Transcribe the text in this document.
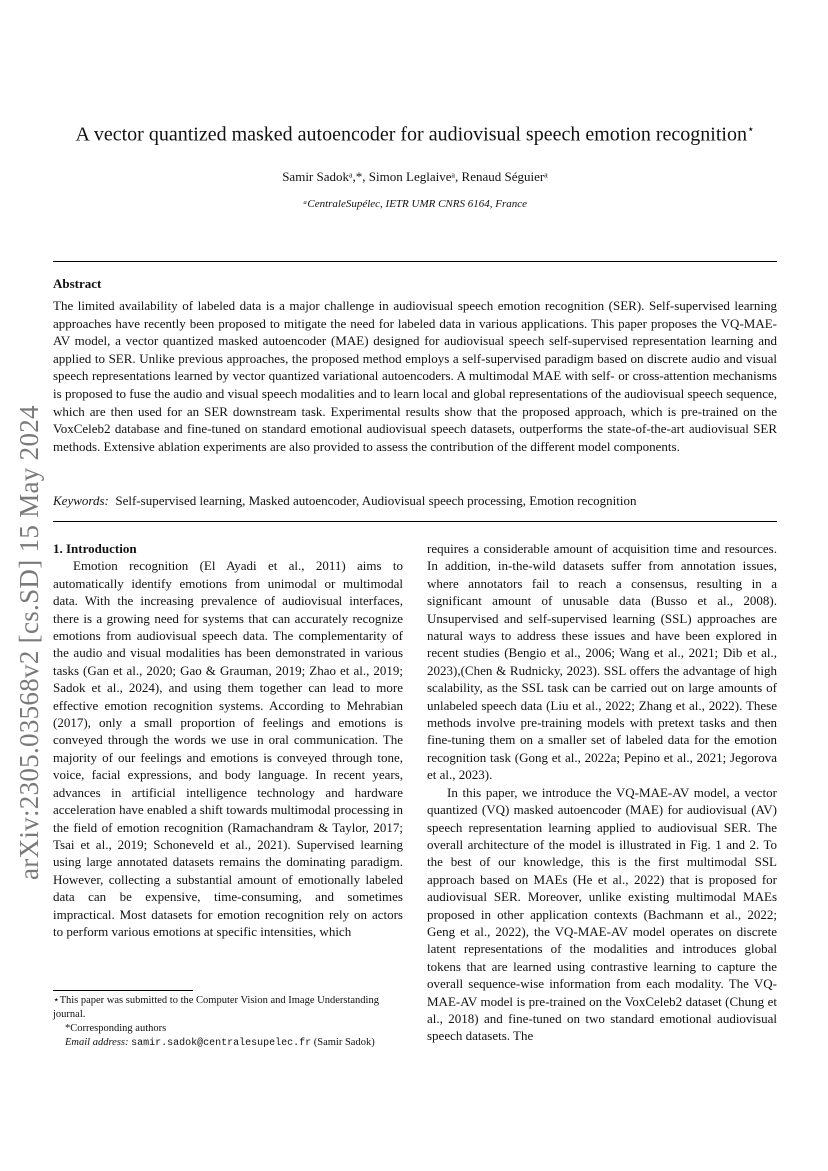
arXiv:2305.03568v2 [cs.SD] 15 May 2024
A vector quantized masked autoencoder for audiovisual speech emotion recognition⋆
Samir Sadokᵃ,*, Simon Leglaiveᵃ, Renaud Séguierᵃ
ᵃCentraleSupélec, IETR UMR CNRS 6164, France
Abstract
The limited availability of labeled data is a major challenge in audiovisual speech emotion recognition (SER). Self-supervised learning approaches have recently been proposed to mitigate the need for labeled data in various applications. This paper proposes the VQ-MAE-AV model, a vector quantized masked autoencoder (MAE) designed for audiovisual speech self-supervised representation learning and applied to SER. Unlike previous approaches, the proposed method employs a self-supervised paradigm based on discrete audio and visual speech representations learned by vector quantized variational autoencoders. A multimodal MAE with self- or cross-attention mechanisms is proposed to fuse the audio and visual speech modalities and to learn local and global representations of the audiovisual speech sequence, which are then used for an SER downstream task. Experimental results show that the proposed approach, which is pre-trained on the VoxCeleb2 database and fine-tuned on standard emotional audiovisual speech datasets, outperforms the state-of-the-art audiovisual SER methods. Extensive ablation experiments are also provided to assess the contribution of the different model components.
Keywords: Self-supervised learning, Masked autoencoder, Audiovisual speech processing, Emotion recognition

1. Introduction

Emotion recognition (El Ayadi et al., 2011) aims to automatically identify emotions from unimodal or multimodal data. With the increasing prevalence of audiovisual interfaces, there is a growing need for systems that can accurately recognize emotions from audiovisual speech data. The complementarity of the audio and visual modalities has been demonstrated in various tasks (Gan et al., 2020; Gao & Grauman, 2019; Zhao et al., 2019; Sadok et al., 2024), and using them together can lead to more effective emotion recognition systems. According to Mehrabian (2017), only a small proportion of feelings and emotions is conveyed through the words we use in oral communication. The majority of our feelings and emotions is conveyed through tone, voice, facial expressions, and body language. In recent years, advances in artificial intelligence technology and hardware acceleration have enabled a shift towards multimodal processing in the field of emotion recognition (Ramachandram & Taylor, 2017; Tsai et al., 2019; Schoneveld et al., 2021). Supervised learning using large annotated datasets remains the dominating paradigm. However, collecting a substantial amount of emotionally labeled data can be expensive, time-consuming, and sometimes impractical. Most datasets for emotion recognition rely on actors to perform various emotions at specific intensities, which

requires a considerable amount of acquisition time and resources. In addition, in-the-wild datasets suffer from annotation issues, where annotators fail to reach a consensus, resulting in a significant amount of unusable data (Busso et al., 2008). Unsupervised and self-supervised learning (SSL) approaches are natural ways to address these issues and have been explored in recent studies (Bengio et al., 2006; Wang et al., 2021; Dib et al., 2023),(Chen & Rudnicky, 2023). SSL offers the advantage of high scalability, as the SSL task can be carried out on large amounts of unlabeled speech data (Liu et al., 2022; Zhang et al., 2022). These methods involve pre-training models with pretext tasks and then fine-tuning them on a smaller set of labeled data for the emotion recognition task (Gong et al., 2022a; Pepino et al., 2021; Jegorova et al., 2023).

In this paper, we introduce the VQ-MAE-AV model, a vector quantized (VQ) masked autoencoder (MAE) for audiovisual (AV) speech representation learning applied to audiovisual SER. The overall architecture of the model is illustrated in Fig. 1 and 2. To the best of our knowledge, this is the first multimodal SSL approach based on MAEs (He et al., 2022) that is proposed for audiovisual SER. Moreover, unlike existing multimodal MAEs proposed in other application contexts (Bachmann et al., 2022; Geng et al., 2022), the VQ-MAE-AV model operates on discrete latent representations of the modalities and introduces global tokens that are learned using contrastive learning to capture the overall sequence-wise information from each modality. The VQ-MAE-AV model is pre-trained on the VoxCeleb2 dataset (Chung et al., 2018) and fine-tuned on two standard emotional audiovisual speech datasets. The

⋆This paper was submitted to the Computer Vision and Image Understanding journal.

*Corresponding authors

Email address: samir.sadok@centralesupelec.fr (Samir Sadok)
